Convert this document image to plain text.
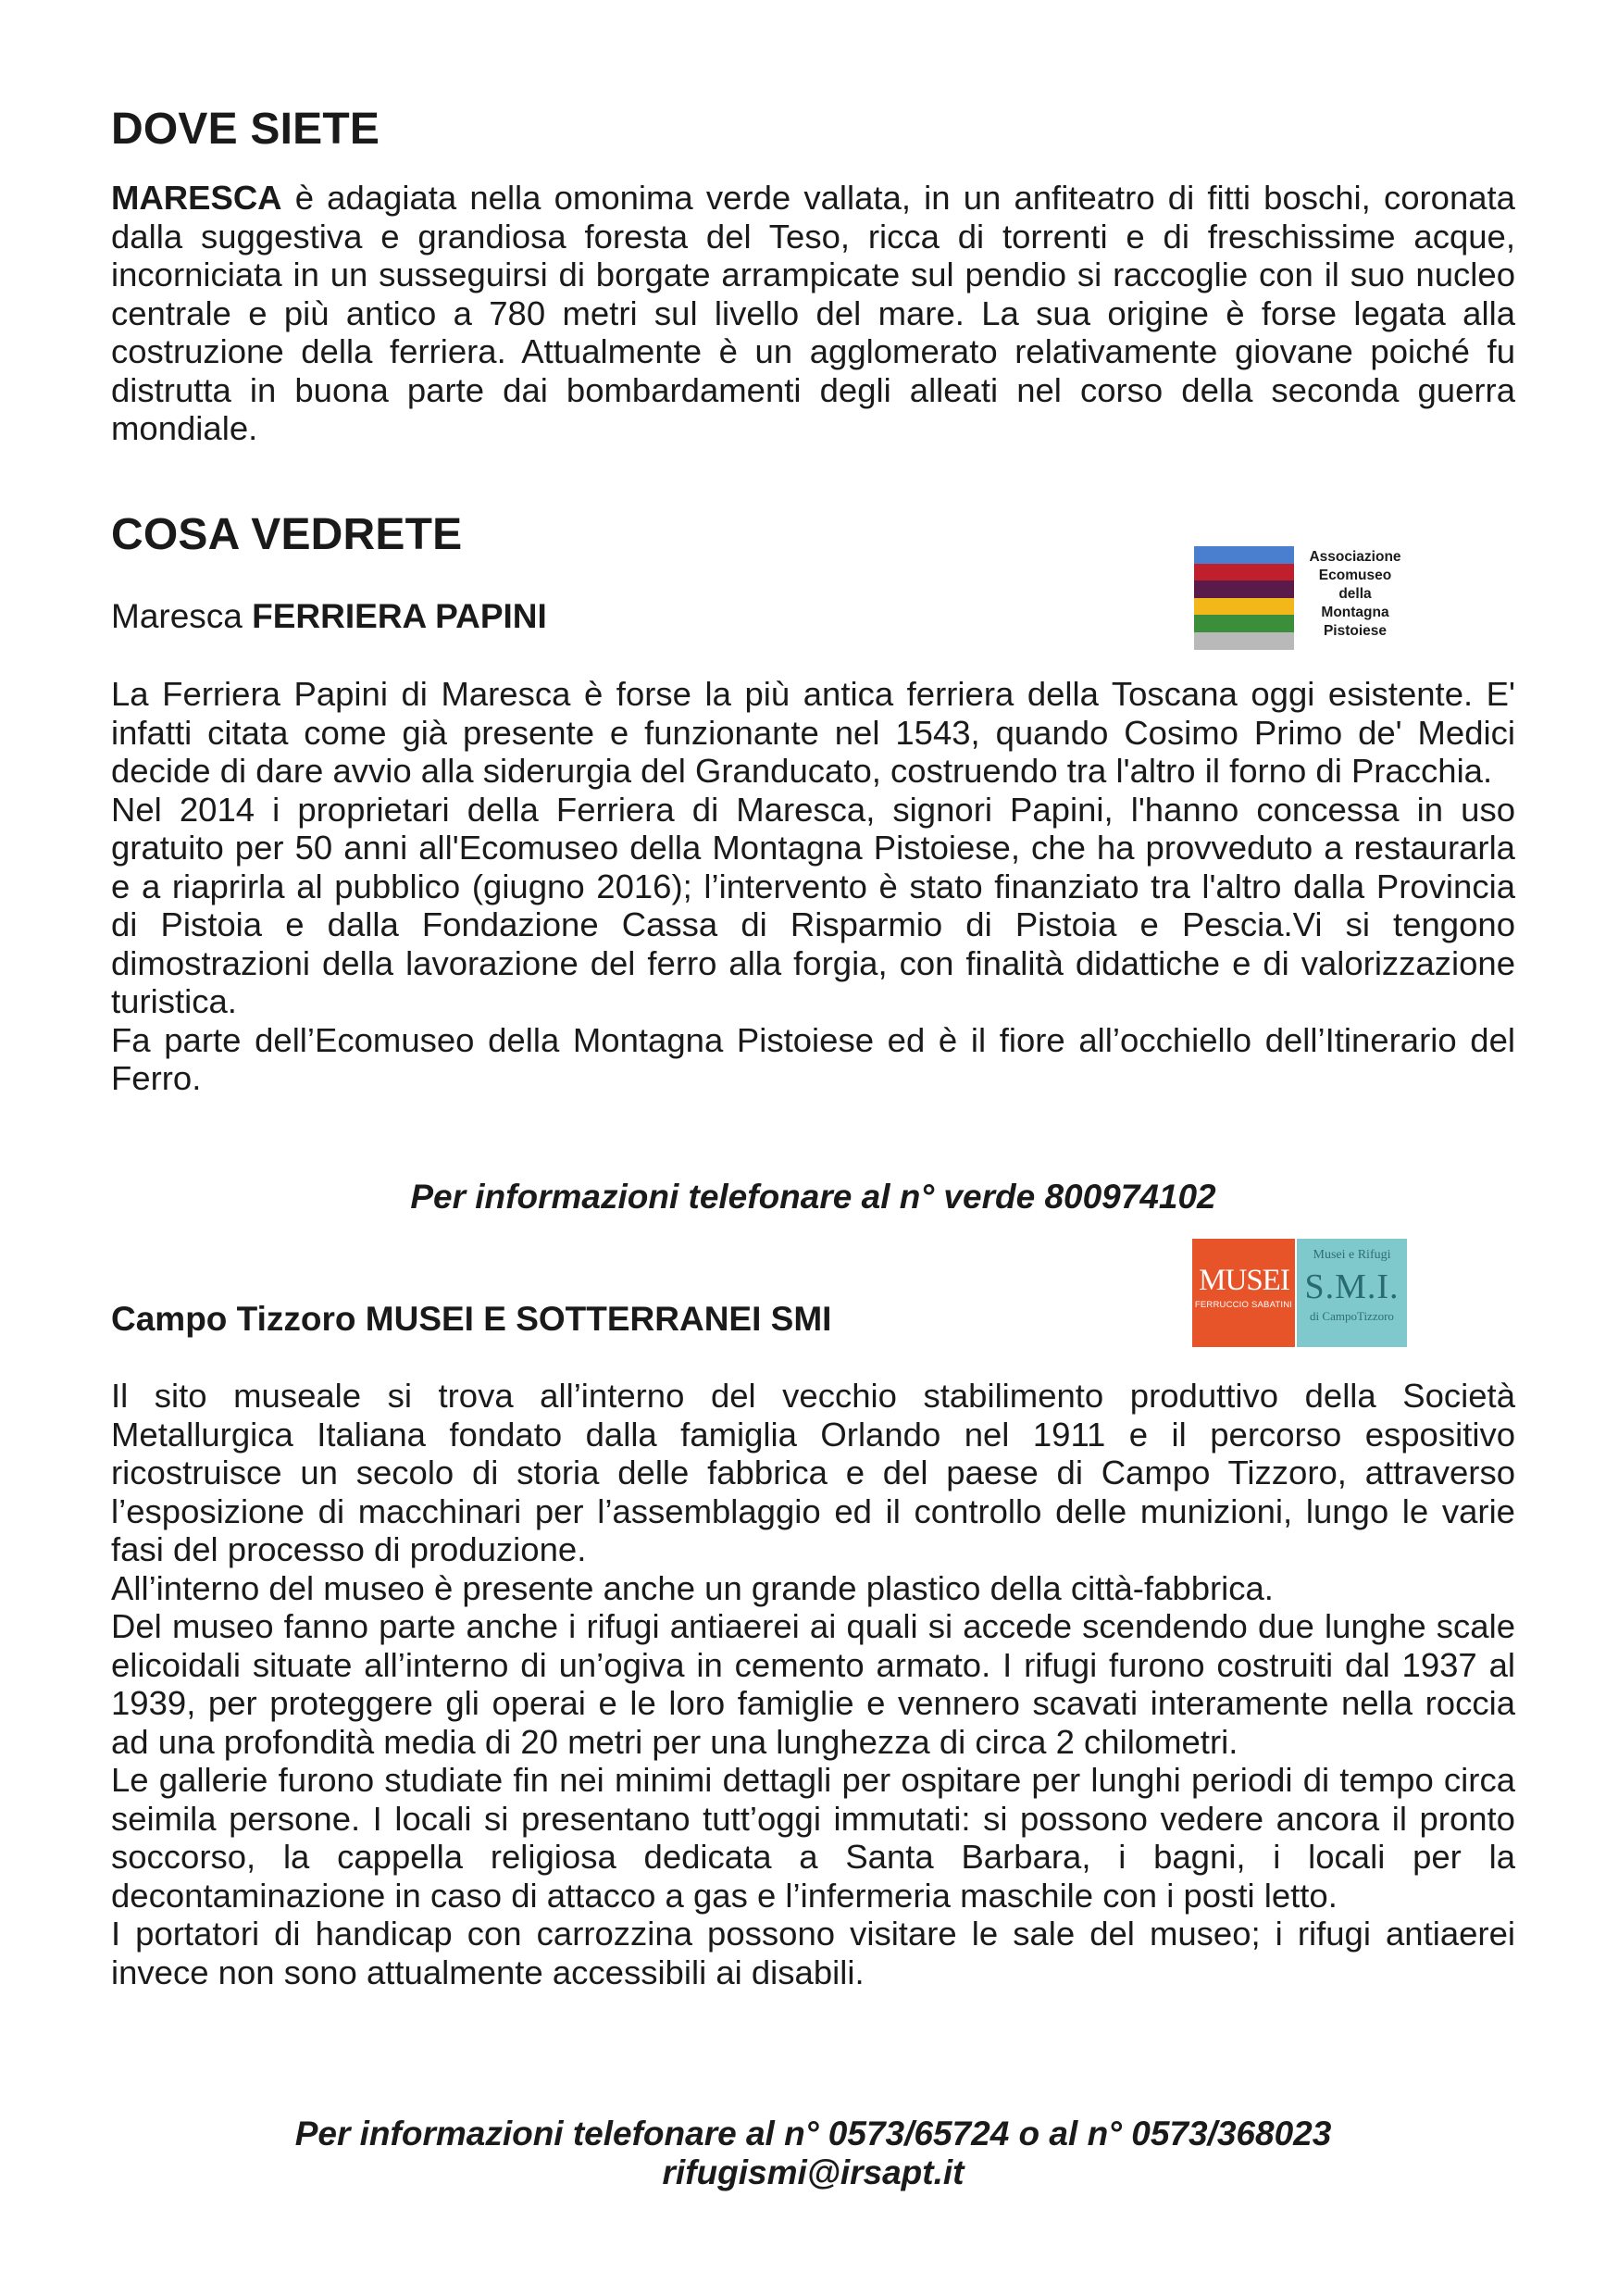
DOVE SIETE

MARESCA è adagiata nella omonima verde vallata, in un anfiteatro di fitti boschi, coronata dalla suggestiva e grandiosa foresta del Teso, ricca di torrenti e di freschissime acque, incorniciata in un susseguirsi di borgate arrampicate sul pendio si raccoglie con il suo nucleo centrale e più antico a 780 metri sul livello del mare. La sua origine è forse legata alla costruzione della ferriera. Attualmente è un agglomerato relativamente giovane poiché fu distrutta in buona parte dai bombardamenti degli alleati nel corso della seconda guerra mondiale.

COSA VEDRETE
Maresca FERRIERA PAPINI
Associazione
Ecomuseo
della
Montagna
Pistoiese

La Ferriera Papini di Maresca è forse la più antica ferriera della Toscana oggi esistente. E' infatti citata come già presente e funzionante nel 1543, quando Cosimo Primo de' Medici decide di dare avvio alla siderurgia del Granducato, costruendo tra l'altro il forno di Pracchia.

Nel 2014 i proprietari della Ferriera di Maresca, signori Papini, l'hanno concessa in uso gratuito per 50 anni all'Ecomuseo della Montagna Pistoiese, che ha provveduto a restaurarla e a riaprirla al pubblico (giugno 2016); l’intervento è stato finanziato tra l'altro dalla Provincia di Pistoia e dalla Fondazione Cassa di Risparmio di Pistoia e Pescia.Vi si tengono dimostrazioni della lavorazione del ferro alla forgia, con finalità didattiche e di valorizzazione turistica.

Fa parte dell’Ecomuseo della Montagna Pistoiese ed è il fiore all’occhiello dell’Itinerario del Ferro.

Per informazioni telefonare al n° verde 800974102
Campo Tizzoro MUSEI E SOTTERRANEI SMI
MUSEI
FERRUCCIO SABATINI
Musei e Rifugi
S.M.I.
di CampoTizzoro

Il sito museale si trova all’interno del vecchio stabilimento produttivo della Società Metallurgica Italiana fondato dalla famiglia Orlando nel 1911 e il percorso espositivo ricostruisce un secolo di storia delle fabbrica e del paese di Campo Tizzoro, attraverso l’esposizione di macchinari per l’assemblaggio ed il controllo delle munizioni, lungo le varie fasi del processo di produzione.

All’interno del museo è presente anche un grande plastico della città-fabbrica.

Del museo fanno parte anche i rifugi antiaerei ai quali si accede scendendo due lunghe scale elicoidali situate all’interno di un’ogiva in cemento armato. I rifugi furono costruiti dal 1937 al 1939, per proteggere gli operai e le loro famiglie e vennero scavati interamente nella roccia ad una profondità media di 20 metri per una lunghezza di circa 2 chilometri.

Le gallerie furono studiate fin nei minimi dettagli per ospitare per lunghi periodi di tempo circa seimila persone. I locali si presentano tutt’oggi immutati: si possono vedere ancora il pronto soccorso, la cappella religiosa dedicata a Santa Barbara, i bagni, i locali per la decontaminazione in caso di attacco a gas e l’infermeria maschile con i posti letto.

I portatori di handicap con carrozzina possono visitare le sale del museo; i rifugi antiaerei invece non sono attualmente accessibili ai disabili.

Per informazioni telefonare al n° 0573/65724 o al n° 0573/368023
rifugismi@irsapt.it
